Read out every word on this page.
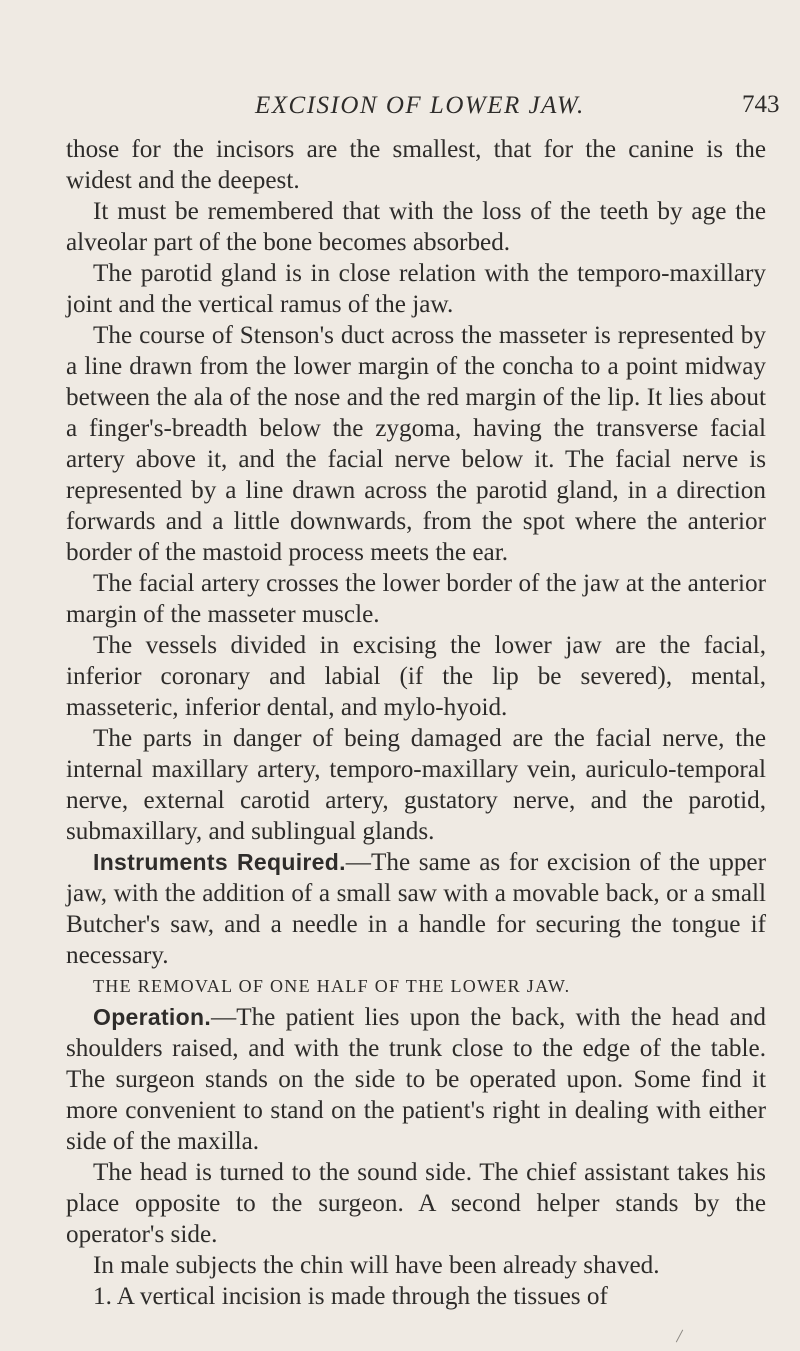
EXCISION OF LOWER JAW.	743

those for the incisors are the smallest, that for the canine is the widest and the deepest.

It must be remembered that with the loss of the teeth by age the alveolar part of the bone becomes absorbed.

The parotid gland is in close relation with the temporo-maxillary joint and the vertical ramus of the jaw.

The course of Stenson's duct across the masseter is represented by a line drawn from the lower margin of the concha to a point midway between the ala of the nose and the red margin of the lip. It lies about a finger's-breadth below the zygoma, having the transverse facial artery above it, and the facial nerve below it. The facial nerve is represented by a line drawn across the parotid gland, in a direction forwards and a little downwards, from the spot where the anterior border of the mastoid process meets the ear.

The facial artery crosses the lower border of the jaw at the anterior margin of the masseter muscle.

The vessels divided in excising the lower jaw are the facial, inferior coronary and labial (if the lip be severed), mental, masseteric, inferior dental, and mylo-hyoid.

The parts in danger of being damaged are the facial nerve, the internal maxillary artery, temporo-maxillary vein, auriculo-temporal nerve, external carotid artery, gustatory nerve, and the parotid, submaxillary, and sublingual glands.

Instruments Required.—The same as for excision of the upper jaw, with the addition of a small saw with a movable back, or a small Butcher's saw, and a needle in a handle for securing the tongue if necessary.

THE REMOVAL OF ONE HALF OF THE LOWER JAW.

Operation.—The patient lies upon the back, with the head and shoulders raised, and with the trunk close to the edge of the table. The surgeon stands on the side to be operated upon. Some find it more convenient to stand on the patient's right in dealing with either side of the maxilla.

The head is turned to the sound side. The chief assistant takes his place opposite to the surgeon. A second helper stands by the operator's side.

In male subjects the chin will have been already shaved.

1. A vertical incision is made through the tissues of
